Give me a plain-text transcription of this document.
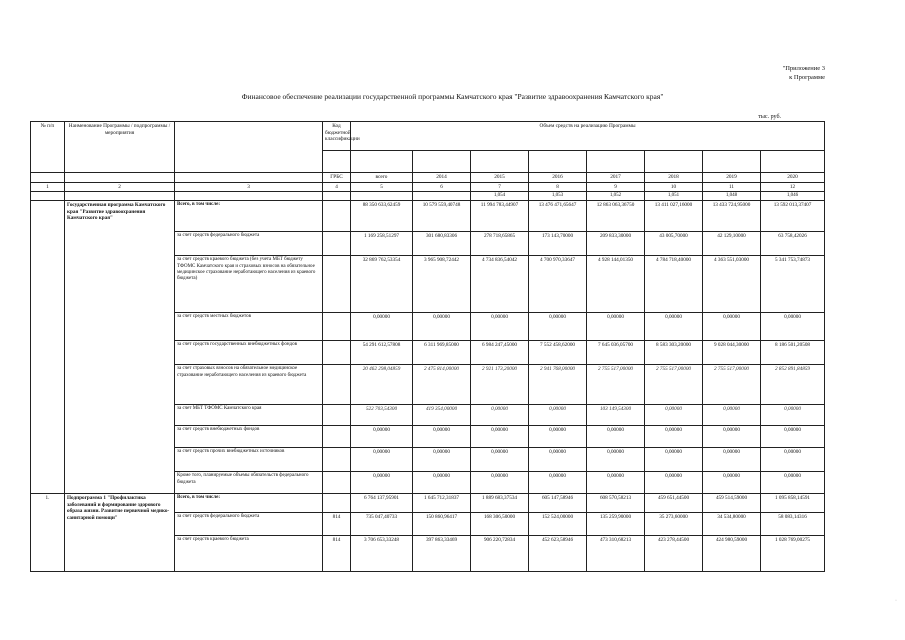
"Приложение 3
к Программе
Финансовое обеспечение реализации государственной программы Камчатского края "Развитие здравоохранения Камчатского края"
тыс. руб.
№ п/п	Наименование Программы / подпрограммы / мероприятия		Код бюджетной классификации	Объем средств на реализацию Программы							

			ГРБС	всего	2014	2015	2016	2017	2018	2019	2020
1	2	3	4	5	6	7	8	9	10	11	12
						1,054	1,053	1,052	1,051	1,048	1,046
	Государственная программа Камчатского края "Развитие здравоохранения Камчатского края"	Всего, в том числе:		88 350 633,62459	10 579 559,40748	11 994 783,44907	13 476 471,65647	12 863 063,36750	13 411 027,16000	13 433 724,95000	13 592 013,37407
		за счет средств федерального бюджета		1 169 258,51297	301 680,83306	278 718,65865	173 143,70000	209 833,30000	43 005,70000	42 129,10000	63 758,42026
		за счет средств краевого бюджета (без учета МБТ бюджету ТФОМС Камчатского края и страховых взносов на обязательное медицинское страхование неработающего населения из краевого бюджета)		32 869 762,53354	3 965 908,72442	4 734 836,54042	4 700 970,33647	4 928 144,01350	4 784 718,40000	4 363 551,03000	5 341 753,74873
		за счет средств местных бюджетов		0,00000	0,00000	0,00000	0,00000	0,00000	0,00000	0,00000	0,00000
		за счет средств государственных внебюджетных фондов		54 291 612,57808	6 311 969,85000	6 984 247,45000	7 552 458,62000	7 645 036,05700	8 583 303,20000	9 028 044,30000	8 186 501,20508
		за счет страховых взносов на обязательное медицинское страхование неработающего населения из краевого бюджета		20 462 298,04859	2 475 814,00000	2 921 173,20000	2 941 768,00000	2 755 517,00000	2 755 517,00000	2 755 517,00000	2 852 891,84859
		за счет МБТ ТФОМС Камчатского края		522 703,54300	419 354,00000	0,00000	0,00000	103 149,54300	0,00000	0,00000	0,00000
		за счет средств внебюджетных фондов		0,00000	0,00000	0,00000	0,00000	0,00000	0,00000	0,00000	0,00000
		за счет средств прочих внебюджетных источников		0,00000	0,00000	0,00000	0,00000	0,00000	0,00000	0,00000	0,00000
		Кроме того, планируемые объемы обязательств федерального бюджета		0,00000	0,00000	0,00000	0,00000	0,00000	0,00000	0,00000	0,00000
1.	Подпрограмма 1 "Профилактика заболеваний и формирование здорового образа жизни. Развитие первичной медико-санитарной помощи"	Всего, в том числе:		6 764 137,95901	1 645 712,31837	1 889 683,37534	605 147,58946	608 570,58213	459 651,44500	459 514,59000	1 095 858,14591
		за счет средств федерального бюджета	814	735 047,40733	150 860,96417	168 306,50000	152 524,00000	135 259,90000	35 273,60000	34 534,80000	58 083,14316
		за счет средств краевого бюджета	814	3 706 653,33248	397 863,33469	906 220,72834	452 623,58946	473 310,68213	423 278,44500	424 980,59000	1 028 769,00275
·
